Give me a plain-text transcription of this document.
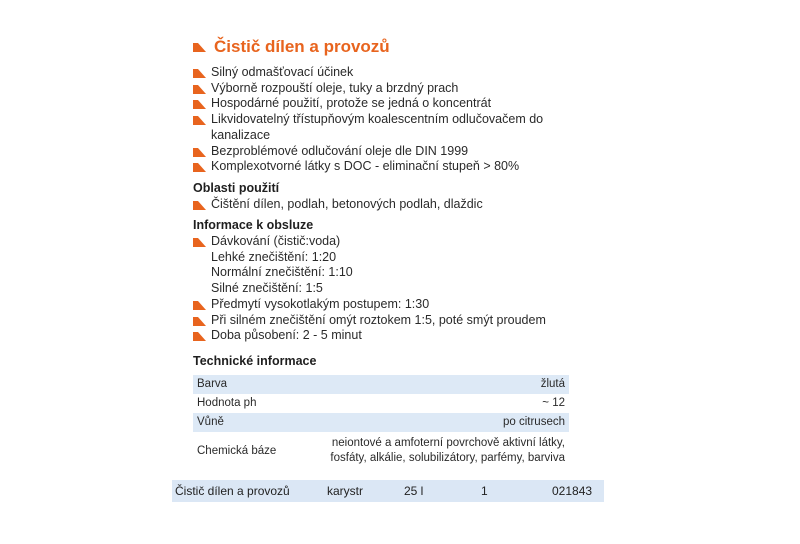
Čistič dílen a provozů
Silný odmašťovací účinek
Výborně rozpouští oleje, tuky a brzdný prach
Hospodárné použití, protože se jedná o koncentrát
Likvidovatelný třístupňovým koalescentním odlučovačem do kanalizace
Bezproblémové odlučování oleje dle DIN 1999
Komplexotvorné látky s DOC - eliminační stupeň > 80%
Oblasti použití
Čištění dílen, podlah, betonových podlah, dlaždic
Informace k obsluze
Dávkování (čistič:voda)
Lehké znečištění: 1:20
Normální znečištění: 1:10
Silné znečištění: 1:5
Předmytí vysokotlakým postupem: 1:30
Při silném znečištění omýt roztokem 1:5, poté smýt proudem
Doba působení: 2 - 5 minut
Technické informace
Barva	žlutá
Hodnota ph	~ 12
Vůně	po citrusech
Chemická báze	neiontové a amfoterní povrchově aktivní látky, fosfáty, alkálie, solubilizátory, parfémy, barviva
Čistič dílen a provozů	karystr	25 l	1	021843
